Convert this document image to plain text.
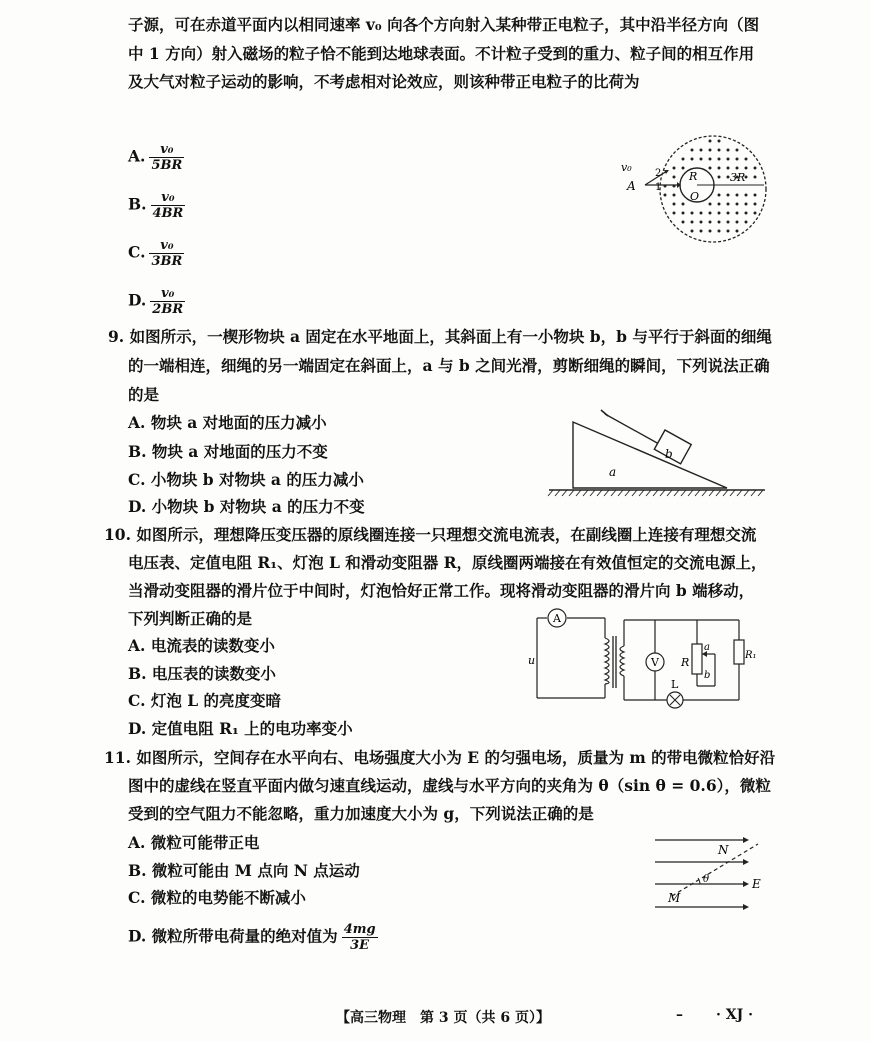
子源，可在赤道平面内以相同速率 v₀ 向各个方向射入某种带正电粒子，其中沿半径方向（图
中 1 方向）射入磁场的粒子恰不能到达地球表面。不计粒子受到的重力、粒子间的相互作用
及大气对粒子运动的影响，不考虑相对论效应，则该种带正电粒子的比荷为
A. $\frac{\text{v₀}}{5BR}$
B. $\frac{\text{v₀}}{4BR}$
C. $\frac{\text{v₀}}{3BR}$
D. $\frac{\text{v₀}}{2BR}$
v₀
A 1
2	R
O
3R
9. 如图所示，一楔形物块 a 固定在水平地面上，其斜面上有一小物块 b，b 与平行于斜面的细绳
的一端相连，细绳的另一端固定在斜面上，a 与 b 之间光滑，剪断细绳的瞬间，下列说法正确
的是
A. 物块 a 对地面的压力减小
B. 物块 a 对地面的压力不变
C. 小物块 b 对物块 a 的压力减小
D. 小物块 b 对物块 a 的压力不变
b
a
10. 如图所示，理想降压变压器的原线圈连接一只理想交流电流表，在副线圈上连接有理想交流
电压表、定值电阻 R₁、灯泡 L 和滑动变阻器 R，原线圈两端接在有效值恒定的交流电源上，
当滑动变阻器的滑片位于中间时，灯泡恰好正常工作。现将滑动变阻器的滑片向 b 端移动，
下列判断正确的是
A. 电流表的读数变小
B. 电压表的读数变小
C. 灯泡 L 的亮度变暗
D. 定值电阻 R₁ 上的电功率变小
A
V
u	R
a
b
R₁
L
11. 如图所示，空间存在水平向右、电场强度大小为 E 的匀强电场，质量为 m 的带电微粒恰好沿
图中的虚线在竖直平面内做匀速直线运动，虚线与水平方向的夹角为 θ（sin θ = 0.6），微粒
受到的空气阻力不能忽略，重力加速度大小为 g，下列说法正确的是
A. 微粒可能带正电
B. 微粒可能由 M 点向 N 点运动
C. 微粒的电势能不断减小
D. 微粒所带电荷量的绝对值为 $\frac{4mg}{3E}$
N
M
E
θ
【高三物理　第 3 页（共 6 页）】	– · XJ ·
